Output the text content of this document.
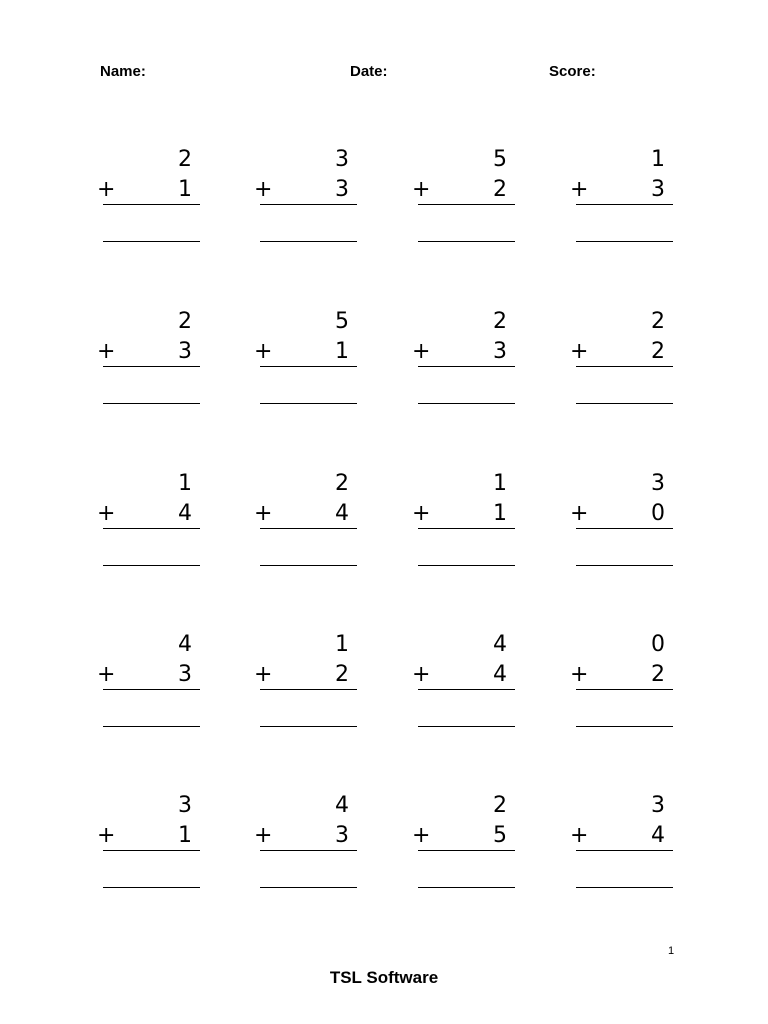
Name:	Date:	Score:
2
+	1
3
+	3
5
+	2
1
+	3
2
+	3
5
+	1
2
+	3
2
+	2
1
+	4
2
+	4
1
+	1
3
+	0
4
+	3
1
+	2
4
+	4
0
+	2
3
+	1
4
+	3
2
+	5
3
+	4
1
TSL Software
